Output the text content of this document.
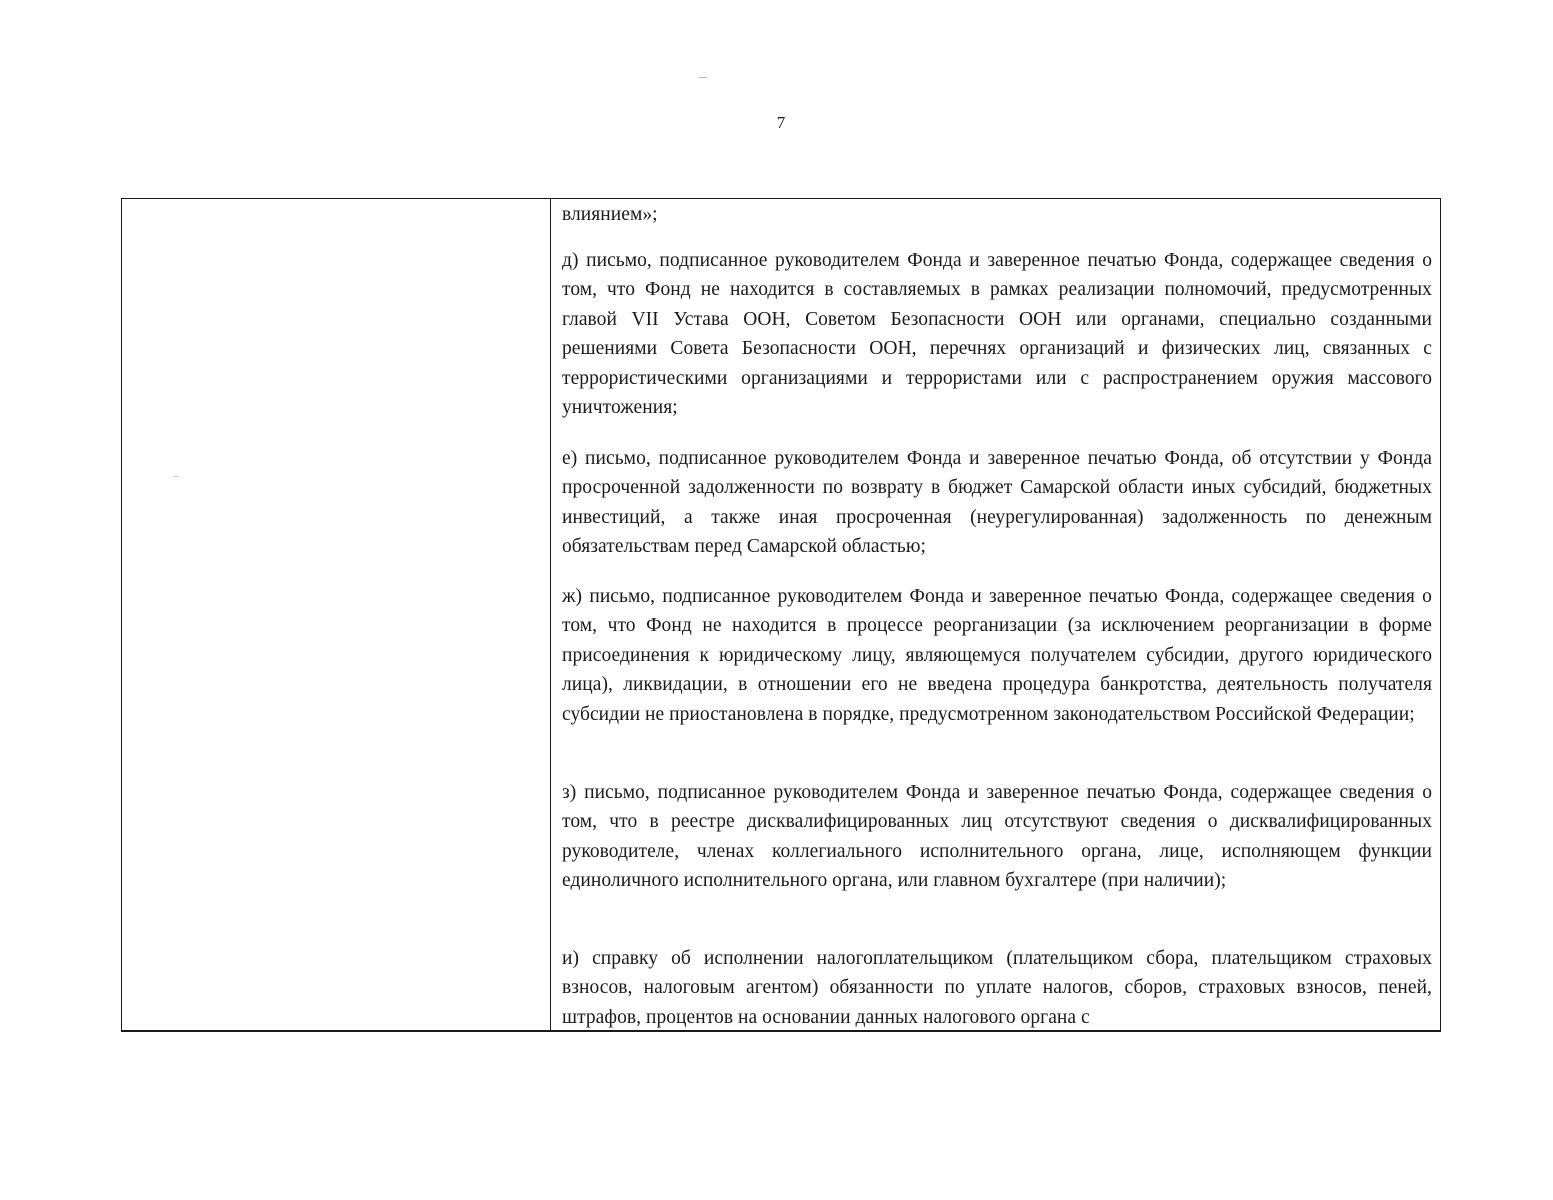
7

влиянием»;

д) письмо, подписанное руководителем Фонда и заверенное печатью Фонда, содержащее сведения о том, что Фонд не находится в составляемых в рамках реализации полномочий, предусмотренных главой VII Устава ООН, Советом Безопасности ООН или органами, специально созданными решениями Совета Безопасности ООН, перечнях организаций и физических лиц, связанных с террористическими организациями и террористами или с распространением оружия массового уничтожения;

е) письмо, подписанное руководителем Фонда и заверенное печатью Фонда, об отсутствии у Фонда просроченной задолженности по возврату в бюджет Самарской области иных субсидий, бюджетных инвестиций, а также иная просроченная (неурегулированная) задолженность по денежным обязательствам перед Самарской областью;

ж) письмо, подписанное руководителем Фонда и заверенное печатью Фонда, содержащее сведения о том, что Фонд не находится в процессе реорганизации (за исключением реорганизации в форме присоединения к юридическому лицу, являющемуся получателем субсидии, другого юридического лица), ликвидации, в отношении его не введена процедура банкротства, деятельность получателя субсидии не приостановлена в порядке, предусмотренном законодательством Российской Федерации;

з) письмо, подписанное руководителем Фонда и заверенное печатью Фонда, содержащее сведения о том, что в реестре дисквалифицированных лиц отсутствуют сведения о дисквалифицированных руководителе, членах коллегиального исполнительного органа, лице, исполняющем функции единоличного исполнительного органа, или главном бухгалтере (при наличии);

и) справку об исполнении налогоплательщиком (плательщиком сбора, плательщиком страховых взносов, налоговым агентом) обязанности по уплате налогов, сборов, страховых взносов, пеней, штрафов, процентов на основании данных налогового органа с
